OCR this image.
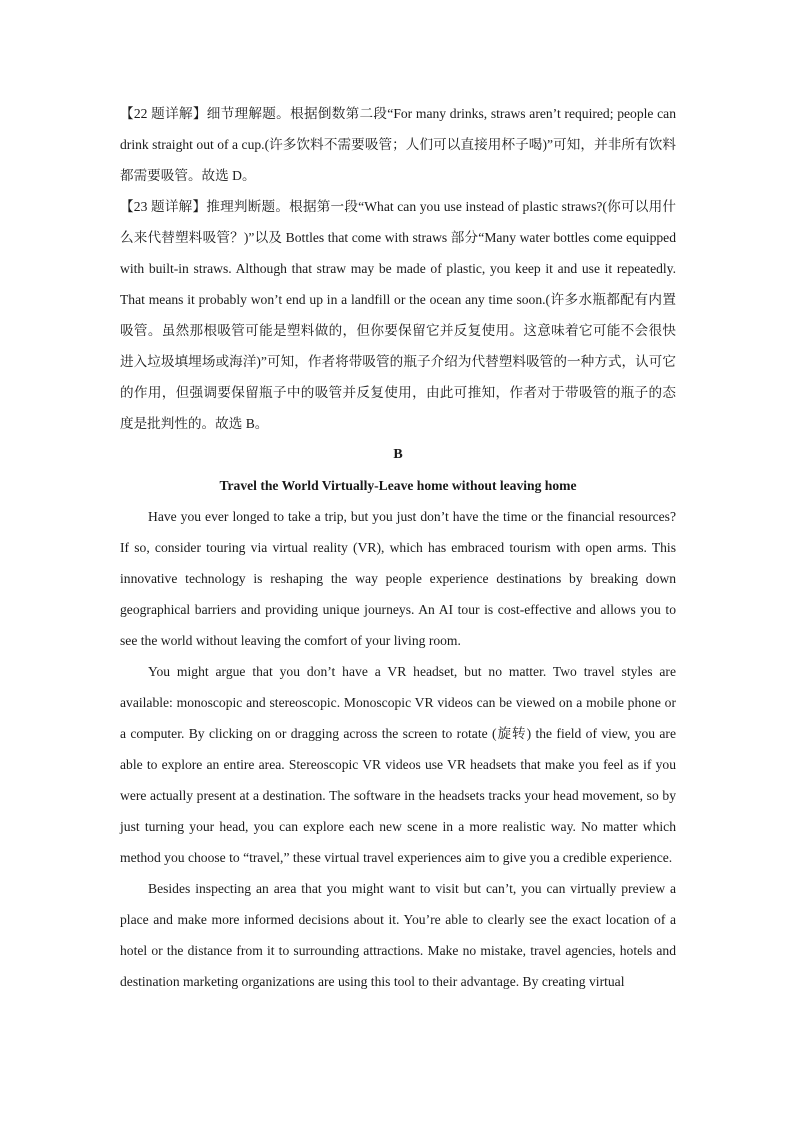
【22 题详解】细节理解题。根据倒数第二段“For many drinks, straws aren’t required; people can drink straight out of a cup.(许多饮料不需要吸管；人们可以直接用杯子喝)”可知，并非所有饮料都需要吸管。故选 D。

【23 题详解】推理判断题。根据第一段“What can you use instead of plastic straws?(你可以用什么来代替塑料吸管？)”以及 Bottles that come with straws 部分“Many water bottles come equipped with built-in straws. Although that straw may be made of plastic, you keep it and use it repeatedly. That means it probably won’t end up in a landfill or the ocean any time soon.(许多水瓶都配有内置吸管。虽然那根吸管可能是塑料做的，但你要保留它并反复使用。这意味着它可能不会很快进入垃圾填埋场或海洋)”可知，作者将带吸管的瓶子介绍为代替塑料吸管的一种方式，认可它的作用，但强调要保留瓶子中的吸管并反复使用，由此可推知，作者对于带吸管的瓶子的态度是批判性的。故选 B。

B

Travel the World Virtually-Leave home without leaving home

Have you ever longed to take a trip, but you just don’t have the time or the financial resources? If so, consider touring via virtual reality (VR), which has embraced tourism with open arms. This innovative technology is reshaping the way people experience destinations by breaking down geographical barriers and providing unique journeys. An AI tour is cost-effective and allows you to see the world without leaving the comfort of your living room.

You might argue that you don’t have a VR headset, but no matter. Two travel styles are available: monoscopic and stereoscopic. Monoscopic VR videos can be viewed on a mobile phone or a computer. By clicking on or dragging across the screen to rotate (旋转) the field of view, you are able to explore an entire area. Stereoscopic VR videos use VR headsets that make you feel as if you were actually present at a destination. The software in the headsets tracks your head movement, so by just turning your head, you can explore each new scene in a more realistic way. No matter which method you choose to “travel,” these virtual travel experiences aim to give you a credible experience.

Besides inspecting an area that you might want to visit but can’t, you can virtually preview a place and make more informed decisions about it. You’re able to clearly see the exact location of a hotel or the distance from it to surrounding attractions. Make no mistake, travel agencies, hotels and destination marketing organizations are using this tool to their advantage. By creating virtual
